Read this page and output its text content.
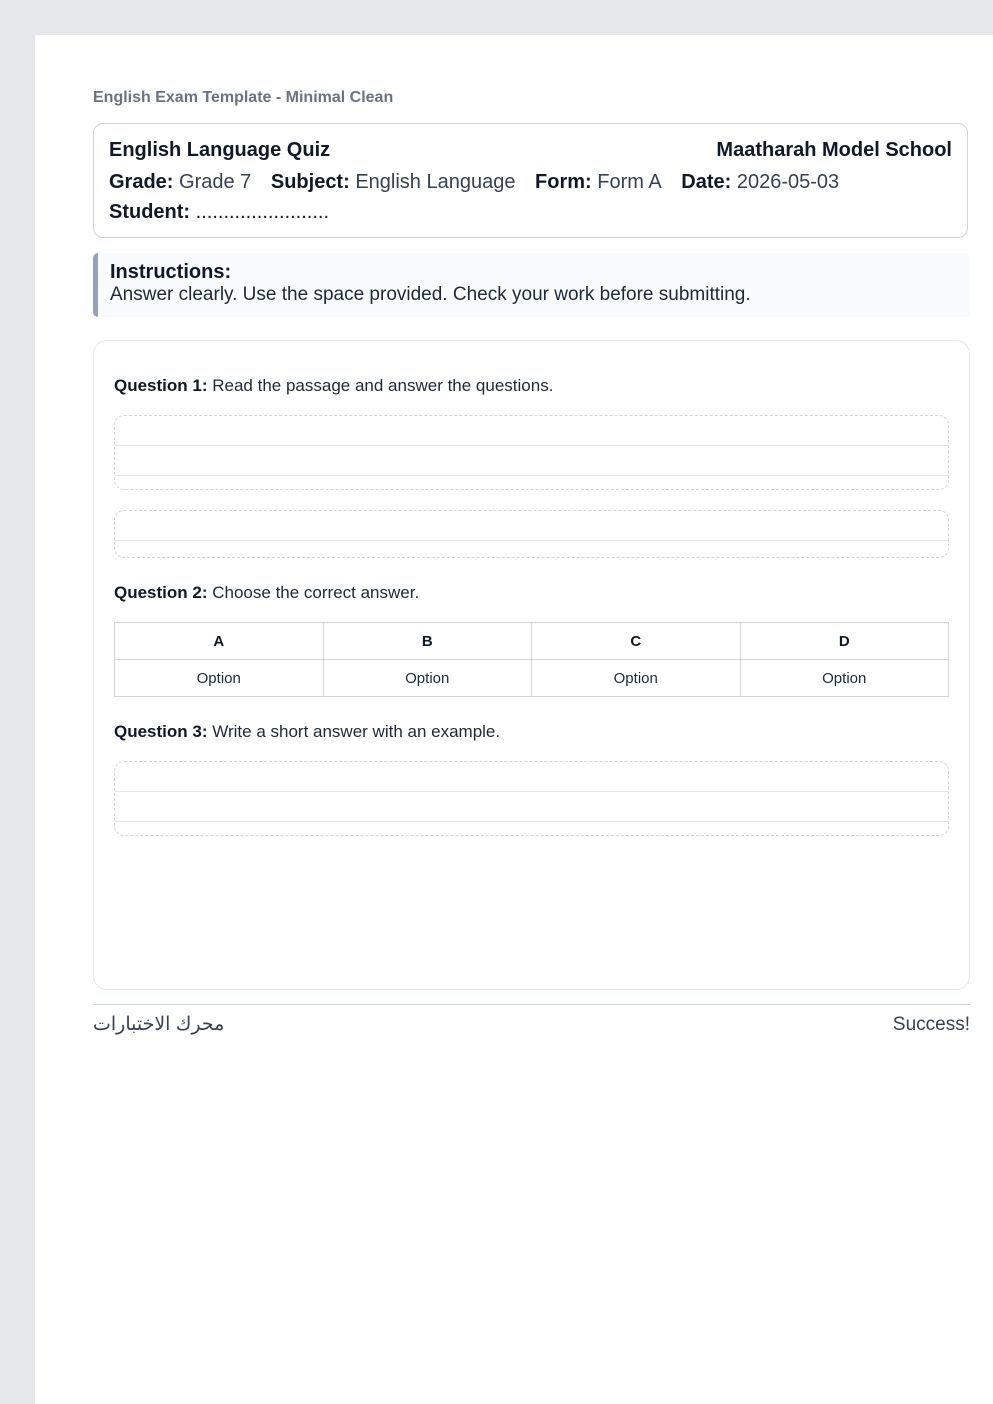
English Exam Template - Minimal Clean
English Language Quiz	Maatharah Model School
Grade: Grade 7 Subject: English Language Form: Form A Date: 2026-05-03
Student: ........................
Instructions:
Answer clearly. Use the space provided. Check your work before submitting.
Question 1: Read the passage and answer the questions.
Question 2: Choose the correct answer.
A	B	C	D
Option	Option	Option	Option
Question 3: Write a short answer with an example.
محرك الاختبارات	Success!
